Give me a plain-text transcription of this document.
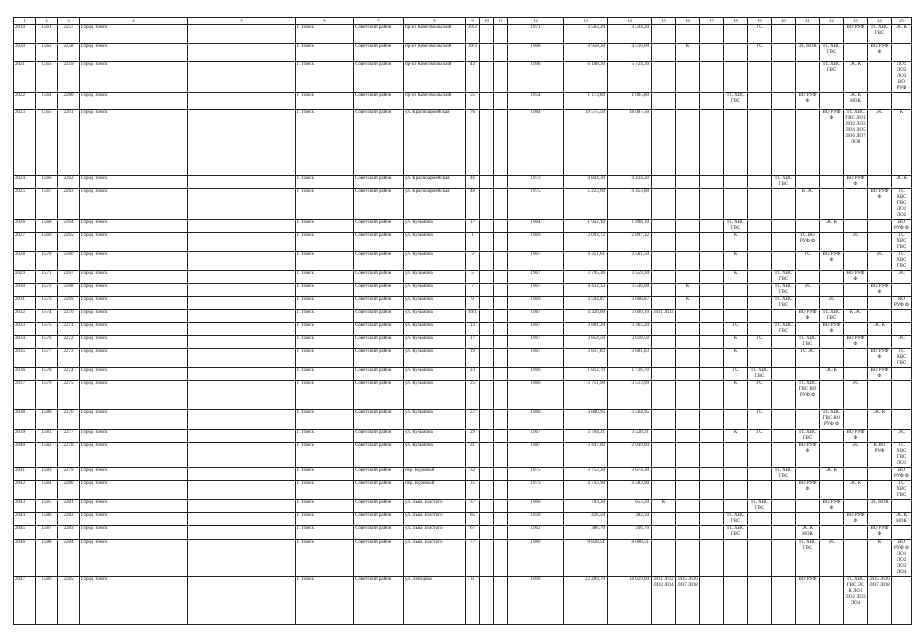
1	2	3	4	5	6	7	8	9	10	11	12	13	14	15	16	17	18	19	20	21	22	23	24	25
2019	1561	2257	Город Томск		г. Томск	Советский район	пр-кт Комсомольский	39/2			1971	4 562,20	4 544,20					ГС				ВО РУФ	ТС ХВС ГВС	ЭС К
2020	1562	2258	Город Томск		г. Томск	Советский район	пр-кт Комсомольский	39/3			1968	4 958,30	4 516,00		К			ГС		ЭС НОК	ТС ХВС ГВС		ВО РУФ Ф	
2021	1563	2259	Город Томск		г. Томск	Советский район	пр-кт Комсомольский	43			1996	6 108,30	5 724,30								ТС ХВС ГВС	ЭС К		ЛО1 ЛО2 ЛО3 ВО РУФ
2022	1564	2260	Город Томск		г. Томск	Советский район	пр-кт Комсомольский	55			1954	1 173,80	1 065,80				ТС ХВС ГВС			ВО РУФ Ф		ЭС К НОК		
2023	1565	2261	Город Томск		г. Томск	Советский район	ул. Красноармейская	76			1984	19 575,50	18 087,50								ВО РУФ Ф	ТС ХВС ГВС ЛО1 ЛО2 ЛО3 ЛО4 ЛО5 ЛО6 ЛО7 ЛО8	ЭС	К
2024	1566	2262	Город Томск		г. Томск	Советский район	ул. Красноармейская	46			1973	4 844,30	4 434,30						ТС ХВС ГВС			ВО РУФ Ф		ЭС К
2025	1567	2263	Город Томск		г. Томск	Советский район	ул. Красноармейская	48			1975	5 223,60	4 453,80							К ЭС			ВО РУФ Ф	ТС ХВС ГВС ЛО1 ЛО2
2026	1568	2264	Город Томск		г. Томск	Советский район	ул. Кузьмина	17			1964	1 942,10	1 808,10				ТС ХВС ГВС				ЭС К			ВО РУФ Ф
2027	1569	2265	Город Томск		г. Томск	Советский район	ул. Кузьмина	1			1969	3 093,72	2 897,32				К			ГС ВО РУФ Ф		ЭС		ТС ХВС ГВС
2028	1570	2266	Город Томск		г. Томск	Советский район	ул. Кузьмина	3			1967	4 351,61	3 561,50				К			ГС	ВО РУФ Ф		ЭС	ТС ХВС ГВС
2029	1571	2267	Город Томск		г. Томск	Советский район	ул. Кузьмина	5			1967	3 795,30	3 559,30				К		ТС ХВС ГВС			ВО РУФ Ф		ЭС
2030	1572	2268	Город Томск		г. Томск	Советский район	ул. Кузьмина	7			1967	4 432,33	3 536,90		К				ТС ХВС ГВС	ЭС			ВО РУФ Ф	
2031	1573	2269	Город Томск		г. Томск	Советский район	ул. Кузьмина	9			1969	3 594,87	3 668,87		К				ТС ХВС ГВС		ЭС			ВО РУФ Ф
2032	1574	2270	Город Томск		г. Томск	Советский район	ул. Кузьмина	10/1			1987	4 320,60	3 690,10	ЛО1 ЛО2						ВО РУФ Ф	ТС ХВС ГВС	К ЭС		
2033	1575	2271	Город Томск		г. Томск	Советский район	ул. Кузьмина	13			1967	3 801,20	3 365,20				ГС		ТС ХВС ГВС		ВО РУФ Ф		ЭС К	
2034	1576	2272	Город Томск		г. Томск	Советский район	ул. Кузьмина	17			1967	3 854,50	3 618,50				К	ГС		ТС ХВС ГВС		ВО РУФ Ф		ЭС
2035	1577	2273	Город Томск		г. Томск	Советский район	ул. Кузьмина	19			1967	3 837,83	3 601,83				К			ГС ЭС			ВО РУФ Ф	ТС ХВС ГВС
2036	1578	2274	Город Томск		г. Томск	Советский район	ул. Кузьмина	23			1966	1 812,70	1 736,70				ГС	ТС ХВС ГВС			ЭС К		ВО РУФ Ф	
2037	1579	2275	Город Томск		г. Томск	Советский район	ул. Кузьмина	25			1966	3 751,99	3 513,99				К	ГС		ТС ХВС ГВС ВО РУФ Ф		ЭС		
2038	1580	2276	Город Томск		г. Томск	Советский район	ул. Кузьмина	27			1966	3 800,95	3 564,95					ГС			ТС ХВС ГВС ВО РУФ Ф		ЭС К	
2039	1581	2277	Город Томск		г. Томск	Советский район	ул. Кузьмина	29			1967	3 764,31	3 528,31				К	ГС		ТС ХВС ГВС		ВО РУФ Ф		ЭС
2040	1582	2278	Город Томск		г. Томск	Советский район	ул. Кузьмина	31			1987	3 447,60	2 949,00							ВО РУФ Ф		ЭС	К ВО РУФ	ТС ХВС ГВС ЛО1
2041	1583	2279	Город Томск		г. Томск	Советский район	пер. Куриный	32			1975	3 752,30	3 674,30						ТС ХВС ГВС		ЭС К			ВО РУФ Ф
2042	1584	2280	Город Томск		г. Томск	Советский район	пер. Куриный	35			1973	4 743,90	4 583,90							ВО РУФ Ф		ЭС К		ТС ХВС ГВС
2043	1585	2281	Город Томск		г. Томск	Советский район	ул. Льва Толстого	37			1960	703,30	653,20	К				ТС ХВС ГВС			ВО РУФ Ф		ЭС НОК	
2044	1586	2282	Город Томск		г. Томск	Советский район	ул. Льва Толстого	65			1939	426,50	382,50				ТС ХВС ГВС					ВО РУФ Ф		ЭС К НОК
2045	1587	2283	Город Томск		г. Томск	Советский район	ул. Льва Толстого	67			1962	386,70	346,70				ТС ХВС ГВС			ЭС К НОК			ВО РУФ Ф	
2046	1588	2284	Город Томск		г. Томск	Советский район	ул. Льва Толстого	77			1989	9 828,51	8 008,51							ТС ХВС ГВС	ЭС		К	ВО РУФ Ф ЛО1 ЛО2 ЛО3 ЛО4
2047	1589	2285	Город Томск		г. Томск	Советский район	ул. Лебедева	8			1999	22 289,70	18 629,00	ЛО1 ЛО2 ЛО3 ЛО4	ЛО5 ЛО6 ЛО7 ЛО8					ВО РУФ		ТС ХВС ГВС ЭС К ЛО1 ЛО2 ЛО3 ЛО4	ЛО5 ЛО6 ЛО7 ЛО8	
